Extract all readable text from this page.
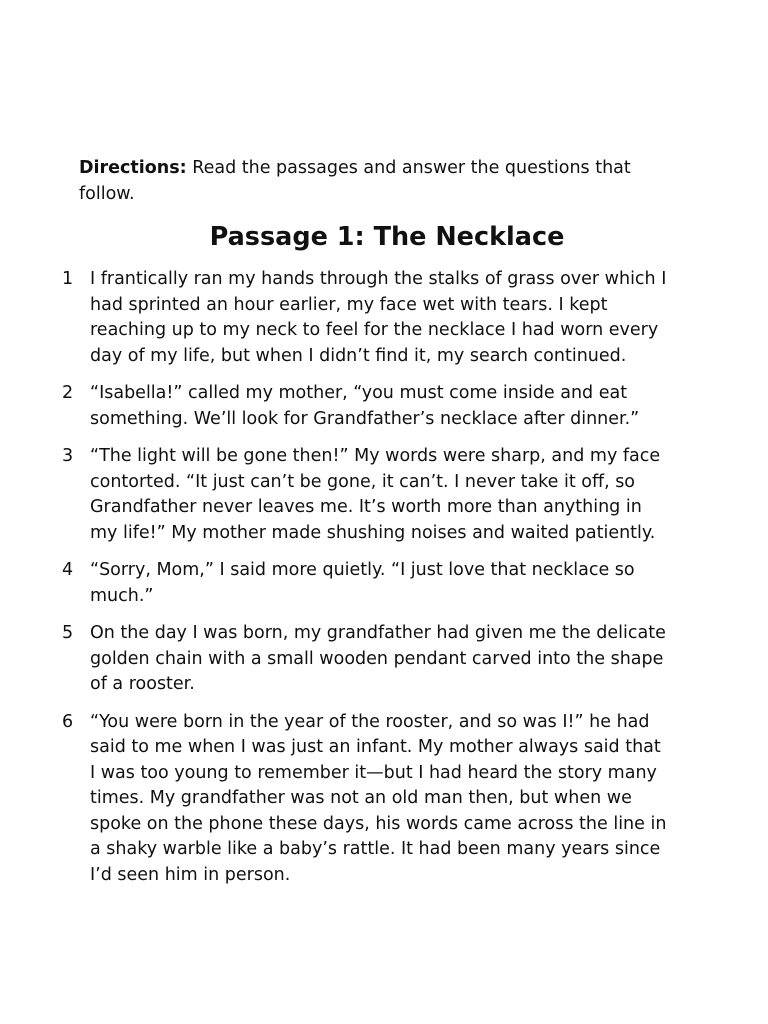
Directions: Read the passages and answer the questions that follow.
Passage 1: The Necklace
1 I frantically ran my hands through the stalks of grass over which I had sprinted an hour earlier, my face wet with tears. I kept reaching up to my neck to feel for the necklace I had worn every day of my life, but when I didn’t find it, my search continued.
2 “Isabella!” called my mother, “you must come inside and eat something. We’ll look for Grandfather’s necklace after dinner.”
3 “The light will be gone then!” My words were sharp, and my face contorted. “It just can’t be gone, it can’t. I never take it off, so Grandfather never leaves me. It’s worth more than anything in my life!” My mother made shushing noises and waited patiently.
4 “Sorry, Mom,” I said more quietly. “I just love that necklace so much.”
5 On the day I was born, my grandfather had given me the delicate golden chain with a small wooden pendant carved into the shape of a rooster.
6 “You were born in the year of the rooster, and so was I!” he had said to me when I was just an infant. My mother always said that I was too young to remember it—but I had heard the story many times. My grandfather was not an old man then, but when we spoke on the phone these days, his words came across the line in a shaky warble like a baby’s rattle. It had been many years since I’d seen him in person.
